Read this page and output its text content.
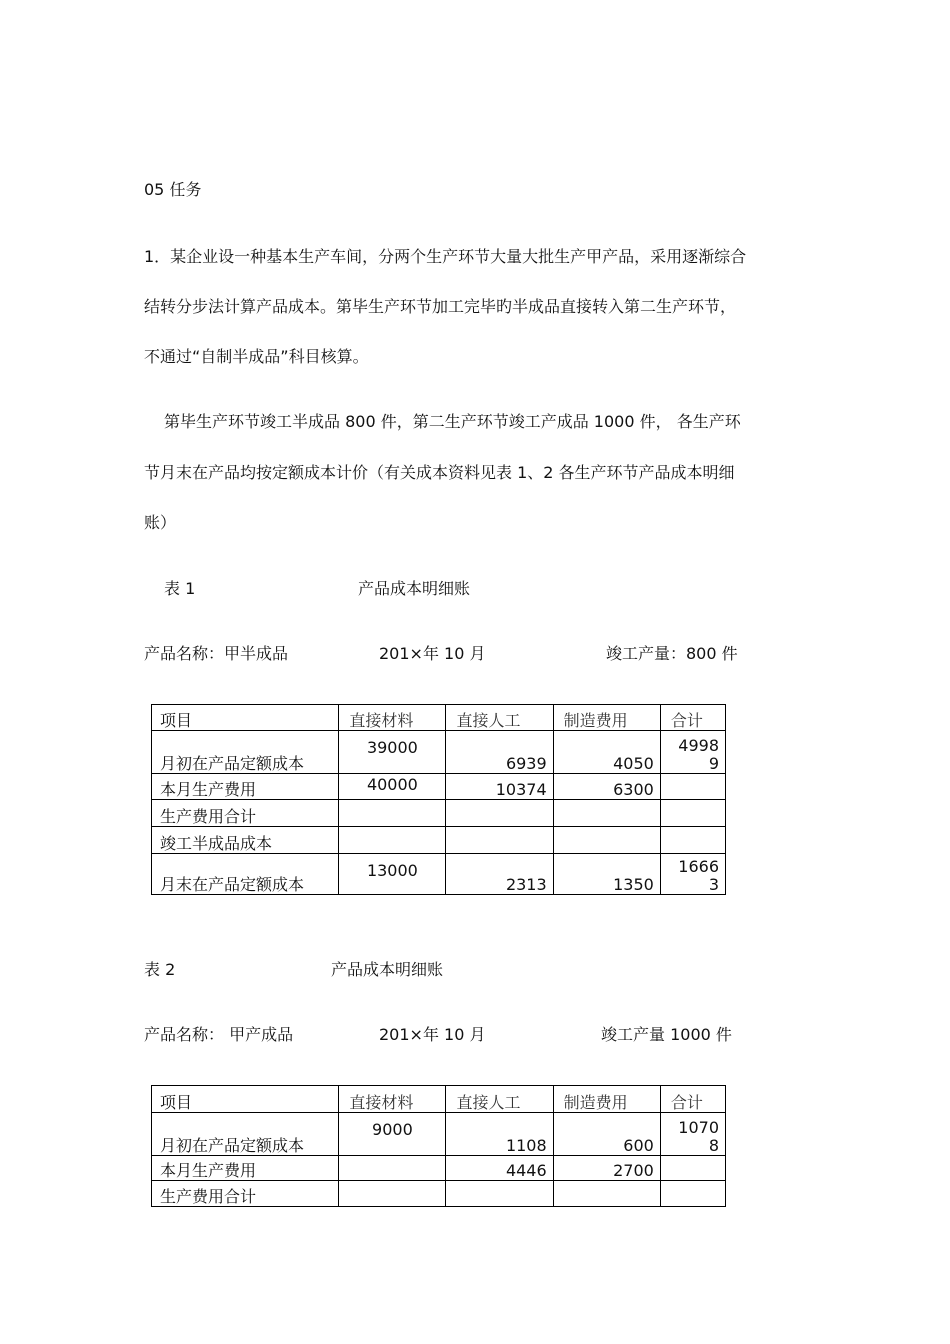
05 任务
1．某企业设一种基本生产车间，分两个生产环节大量大批生产甲产品，采用逐渐综合
结转分步法计算产品成本。第毕生产环节加工完毕旳半成品直接转入第二生产环节，
不通过“自制半成品”科目核算。
第毕生产环节竣工半成品 800 件，第二生产环节竣工产成品 1000 件， 各生产环
节月末在产品均按定额成本计价（有关成本资料见表 1、2 各生产环节产品成本明细
账）
表 1	产品成本明细账
产品名称：甲半成品	201×年 10 月	竣工产量：800 件
项目	直接材料	直接人工	制造费用	合计
月初在产品定额成本	39000	6939	4050	49989
本月生产费用	40000	10374	6300	
生产费用合计				
竣工半成品成本				
月末在产品定额成本	13000	2313	1350	16663
表 2	产品成本明细账
产品名称： 甲产成品	201×年 10 月	竣工产量 1000 件
项目	直接材料	直接人工	制造费用	合计
月初在产品定额成本	9000	1108	600	10708
本月生产费用		4446	2700	
生产费用合计				
